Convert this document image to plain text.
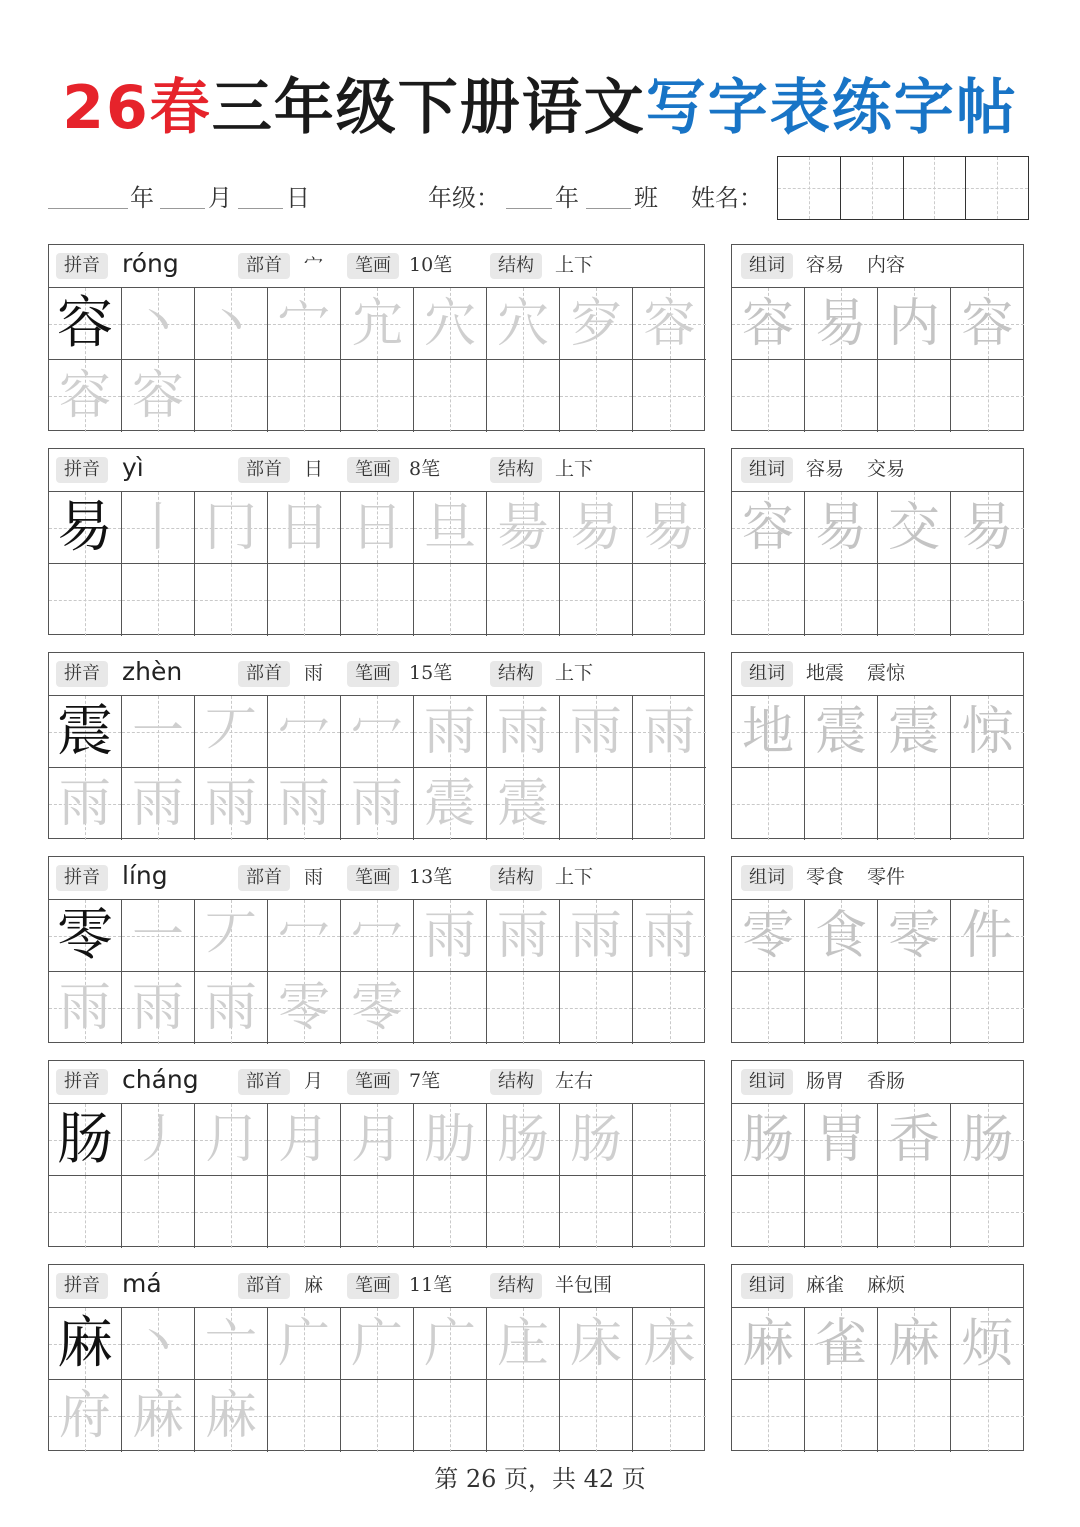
26春三年级下册语文写字表练字帖
年 月 日	年级： 年 班 姓名：
拼音 róng	部首	宀	笔画 10笔	结构	上下
容 丶 丶 宀 宂 穴 穴 穸 容
容 容
组词	容易 内容
容 易 内 容
拼音 yì	部首	日	笔画 8笔	结构	上下
易 丨 冂 日 日 旦 昜 易 易
组词	容易 交易
容 易 交 易
拼音 zhèn	部首	雨	笔画 15笔	结构	上下
震 一 丆 冖 冖 雨 雨 雨 雨
雨 雨 雨 雨 雨 震 震
组词	地震 震惊
地 震 震 惊
拼音 líng	部首	雨	笔画 13笔	结构	上下
零 一 丆 冖 冖 雨 雨 雨 雨
雨 雨 雨 零 零
组词	零食 零件
零 食 零 件
拼音 cháng	部首	月	笔画 7笔	结构	左右
肠 丿 ⺆ 月 月 肋 肠 肠
组词	肠胃 香肠
肠 胃 香 肠
拼音 má	部首	麻	笔画 11笔	结构	半包围
麻 丶 亠 广 广 广 庄 床 床
府 麻 麻
组词	麻雀 麻烦
麻 雀 麻 烦
第 26 页，共 42 页
